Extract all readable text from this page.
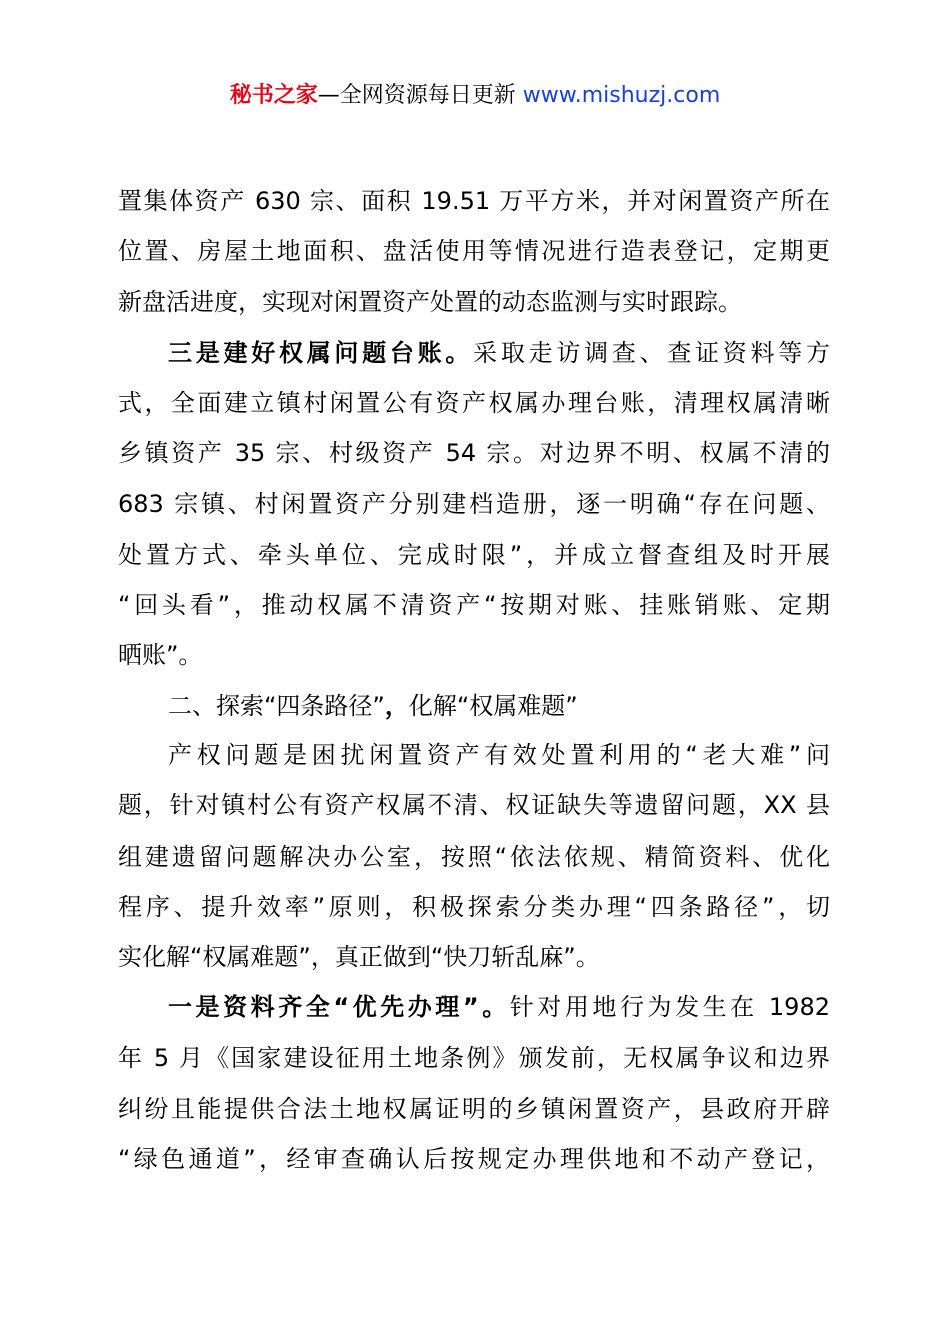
秘书之家—全网资源每日更新 www.mishuzj.com
置集体资产 630 宗、面积 19.51 万平方米，并对闲置资产所在
位置、房屋土地面积、盘活使用等情况进行造表登记，定期更
新盘活进度，实现对闲置资产处置的动态监测与实时跟踪。
三是建好权属问题台账。采取走访调查、查证资料等方
式，全面建立镇村闲置公有资产权属办理台账，清理权属清晰
乡镇资产 35 宗、村级资产 54 宗。对边界不明、权属不清的
683 宗镇、村闲置资产分别建档造册，逐一明确“存在问题、
处置方式、牵头单位、完成时限”，并成立督查组及时开展
“回头看”，推动权属不清资产“按期对账、挂账销账、定期
晒账”。
二、探索“四条路径”，化解“权属难题”
产权问题是困扰闲置资产有效处置利用的“老大难”问
题，针对镇村公有资产权属不清、权证缺失等遗留问题，XX 县
组建遗留问题解决办公室，按照“依法依规、精简资料、优化
程序、提升效率”原则，积极探索分类办理“四条路径”，切
实化解“权属难题”，真正做到“快刀斩乱麻”。
一是资料齐全“优先办理”。针对用地行为发生在 1982
年 5 月《国家建设征用土地条例》颁发前，无权属争议和边界
纠纷且能提供合法土地权属证明的乡镇闲置资产，县政府开辟
“绿色通道”，经审查确认后按规定办理供地和不动产登记，
